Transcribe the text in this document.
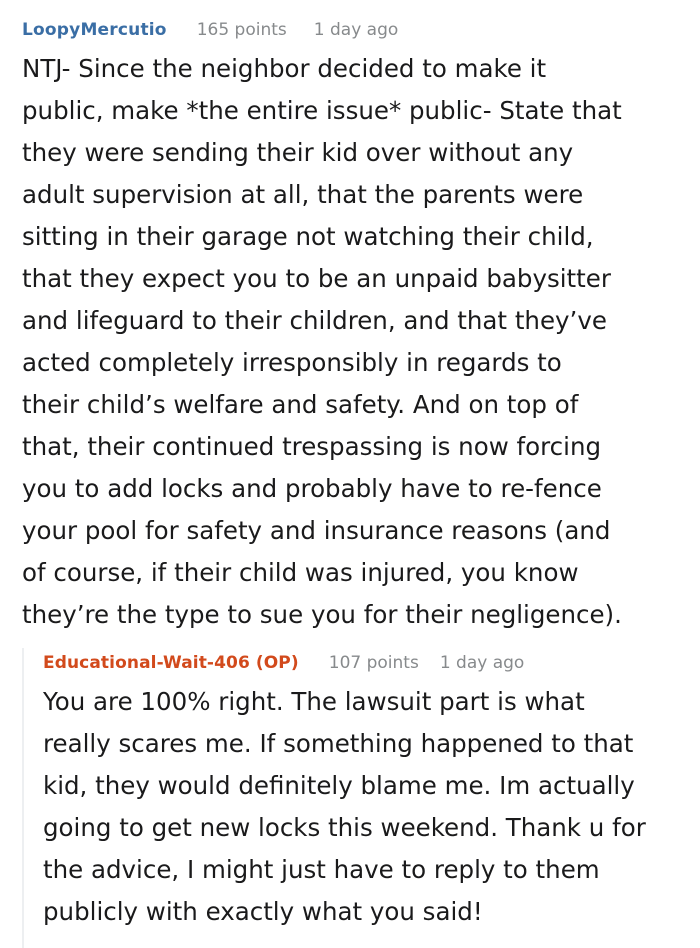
LoopyMercutio 165 points 1 day ago

NTJ- Since the neighbor decided to make it
public, make *the entire issue* public- State that
they were sending their kid over without any
adult supervision at all, that the parents were
sitting in their garage not watching their child,
that they expect you to be an unpaid babysitter
and lifeguard to their children, and that they’ve
acted completely irresponsibly in regards to
their child’s welfare and safety. And on top of
that, their continued trespassing is now forcing
you to add locks and probably have to re-fence
your pool for safety and insurance reasons (and
of course, if their child was injured, you know
they’re the type to sue you for their negligence).

Educational-Wait-406 (OP) 107 points 1 day ago

You are 100% right. The lawsuit part is what
really scares me. If something happened to that
kid, they would definitely blame me. Im actually
going to get new locks this weekend. Thank u for
the advice, I might just have to reply to them
publicly with exactly what you said!
